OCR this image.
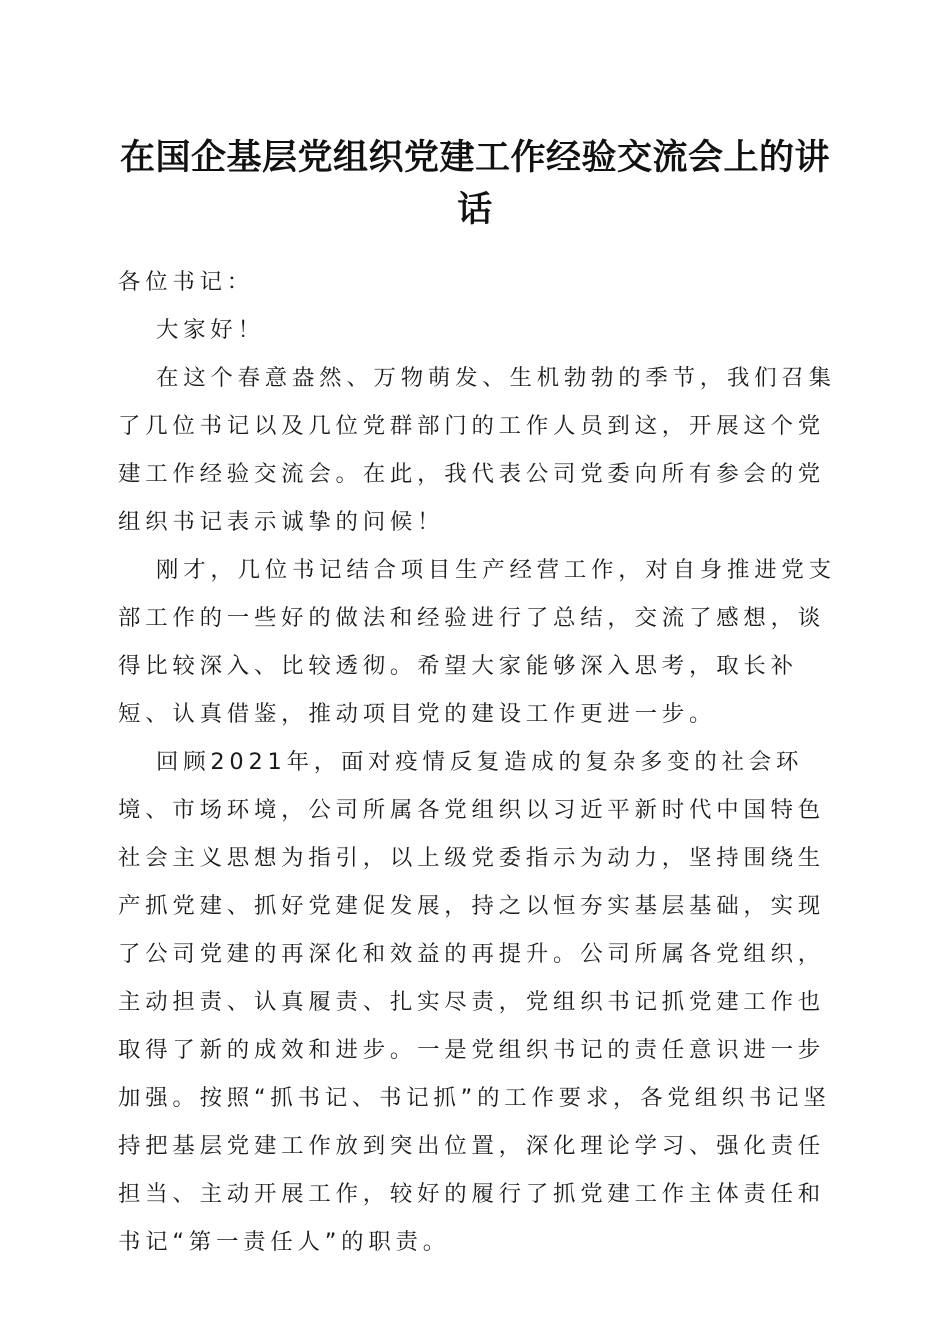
在国企基层党组织党建工作经验交流会上的讲话

各位书记：

大家好！

在这个春意盎然、万物萌发、生机勃勃的季节，我们召集了几位书记以及几位党群部门的工作人员到这，开展这个党建工作经验交流会。在此，我代表公司党委向所有参会的党组织书记表示诚挚的问候！

刚才，几位书记结合项目生产经营工作，对自身推进党支部工作的一些好的做法和经验进行了总结，交流了感想，谈得比较深入、比较透彻。希望大家能够深入思考，取长补短、认真借鉴，推动项目党的建设工作更进一步。

回顾2021年，面对疫情反复造成的复杂多变的社会环境、市场环境，公司所属各党组织以习近平新时代中国特色社会主义思想为指引，以上级党委指示为动力，坚持围绕生产抓党建、抓好党建促发展，持之以恒夯实基层基础，实现了公司党建的再深化和效益的再提升。公司所属各党组织，主动担责、认真履责、扎实尽责，党组织书记抓党建工作也取得了新的成效和进步。一是党组织书记的责任意识进一步加强。按照“抓书记、书记抓”的工作要求，各党组织书记坚持把基层党建工作放到突出位置，深化理论学习、强化责任担当、主动开展工作，较好的履行了抓党建工作主体责任和书记“第一责任人”的职责。
